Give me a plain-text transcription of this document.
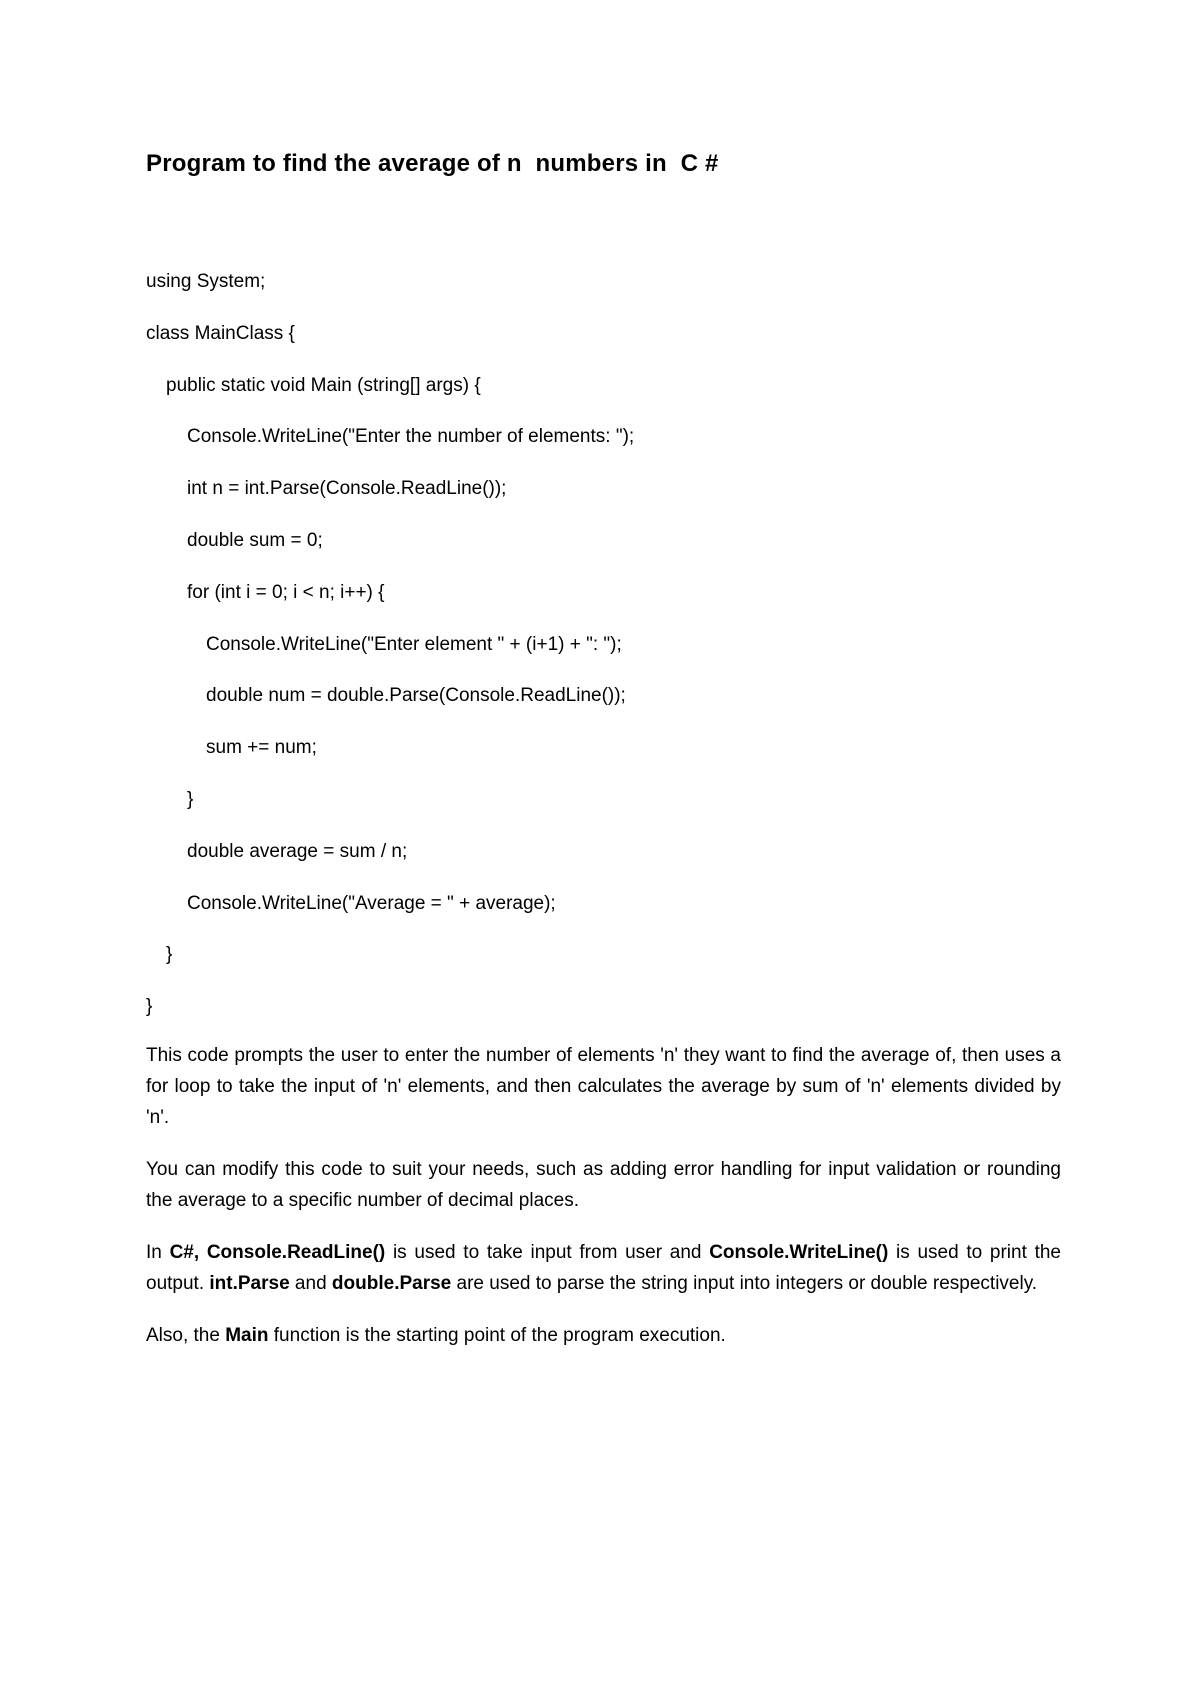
Program to find the average of n  numbers in  C #
using System;
class MainClass {
public static void Main (string[] args) {
Console.WriteLine("Enter the number of elements: ");
int n = int.Parse(Console.ReadLine());
double sum = 0;
for (int i = 0; i < n; i++) {
Console.WriteLine("Enter element " + (i+1) + ": ");
double num = double.Parse(Console.ReadLine());
sum += num;
}
double average = sum / n;
Console.WriteLine("Average = " + average);
}
}

This code prompts the user to enter the number of elements 'n' they want to find the average of, then uses a for loop to take the input of 'n' elements, and then calculates the average by sum of 'n' elements divided by 'n'.

You can modify this code to suit your needs, such as adding error handling for input validation or rounding the average to a specific number of decimal places.

In C#, Console.ReadLine() is used to take input from user and Console.WriteLine() is used to print the output. int.Parse and double.Parse are used to parse the string input into integers or double respectively.

Also, the Main function is the starting point of the program execution.
